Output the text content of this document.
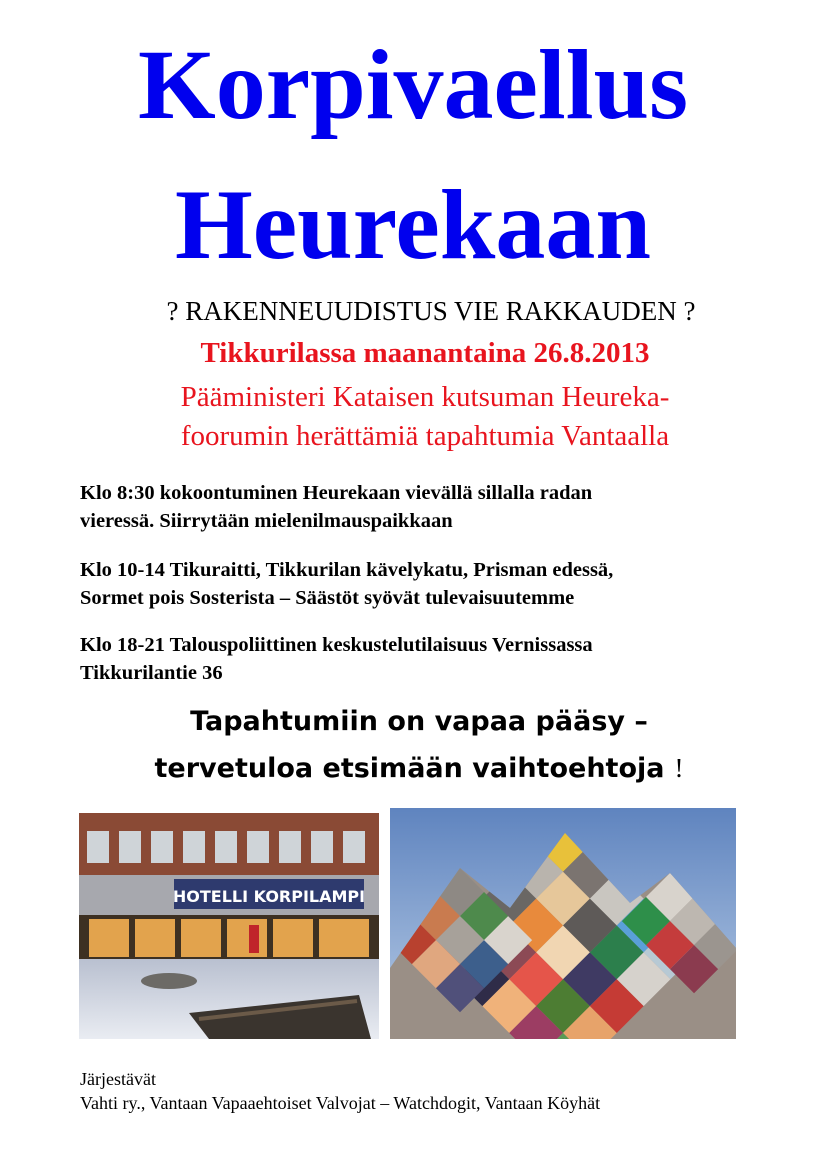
Korpivaellus
Heurekaan
? RAKENNEUUDISTUS VIE RAKKAUDEN ?
Tikkurilassa maanantaina 26.8.2013
Pääministeri Kataisen kutsuman Heureka-
foorumin herättämiä tapahtumia Vantaalla
Klo 8:30 kokoontuminen Heurekaan vievällä sillalla radan
vieressä. Siirrytään mielenilmauspaikkaan
Klo 10-14 Tikuraitti, Tikkurilan kävelykatu, Prisman edessä,
Sormet pois Sosterista – Säästöt syövät tulevaisuutemme
Klo 18-21 Talouspoliittinen keskustelutilaisuus Vernissassa
Tikkurilantie 36
Tapahtumiin on vapaa pääsy –
tervetuloa etsimään vaihtoehtoja !
HOTELLI KORPILAMPI
Järjestävät
Vahti ry., Vantaan Vapaaehtoiset Valvojat – Watchdogit, Vantaan Köyhät
